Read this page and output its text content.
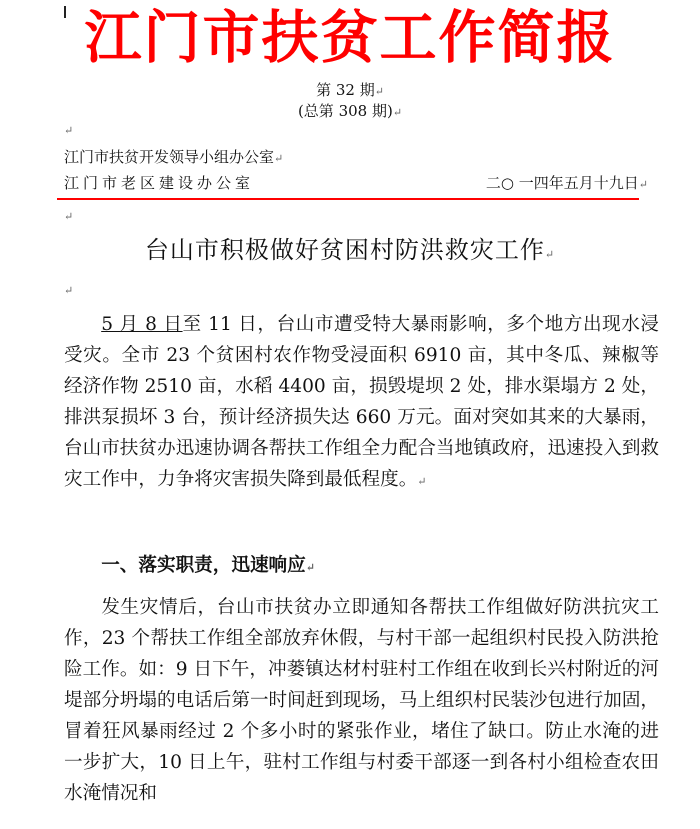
江门市扶贫工作简报
第 32 期↵
(总第 308 期)↵
↵
江门市扶贫开发领导小组办公室↵
江门市老区建设办公室	二○ 一四年五月十九日↵
↵
台山市积极做好贫困村防洪救灾工作↵
↵
5 月 8 日至 11 日，台山市遭受特大暴雨影响，多个地方出现水浸受灾。全市 23 个贫困村农作物受浸面积 6910 亩，其中冬瓜、辣椒等经济作物 2510 亩，水稻 4400 亩，损毁堤坝 2 处，排水渠塌方 2 处，排洪泵损坏 3 台，预计经济损失达 660 万元。面对突如其来的大暴雨，台山市扶贫办迅速协调各帮扶工作组全力配合当地镇政府，迅速投入到救灾工作中，力争将灾害损失降到最低程度。↵
一、落实职责，迅速响应↵
发生灾情后，台山市扶贫办立即通知各帮扶工作组做好防洪抗灾工作，23 个帮扶工作组全部放弃休假，与村干部一起组织村民投入防洪抢险工作。如：9 日下午，冲蒌镇达材村驻村工作组在收到长兴村附近的河堤部分坍塌的电话后第一时间赶到现场，马上组织村民装沙包进行加固，冒着狂风暴雨经过 2 个多小时的紧张作业，堵住了缺口。防止水淹的进一步扩大，10 日上午，驻村工作组与村委干部逐一到各村小组检查农田水淹情况和
